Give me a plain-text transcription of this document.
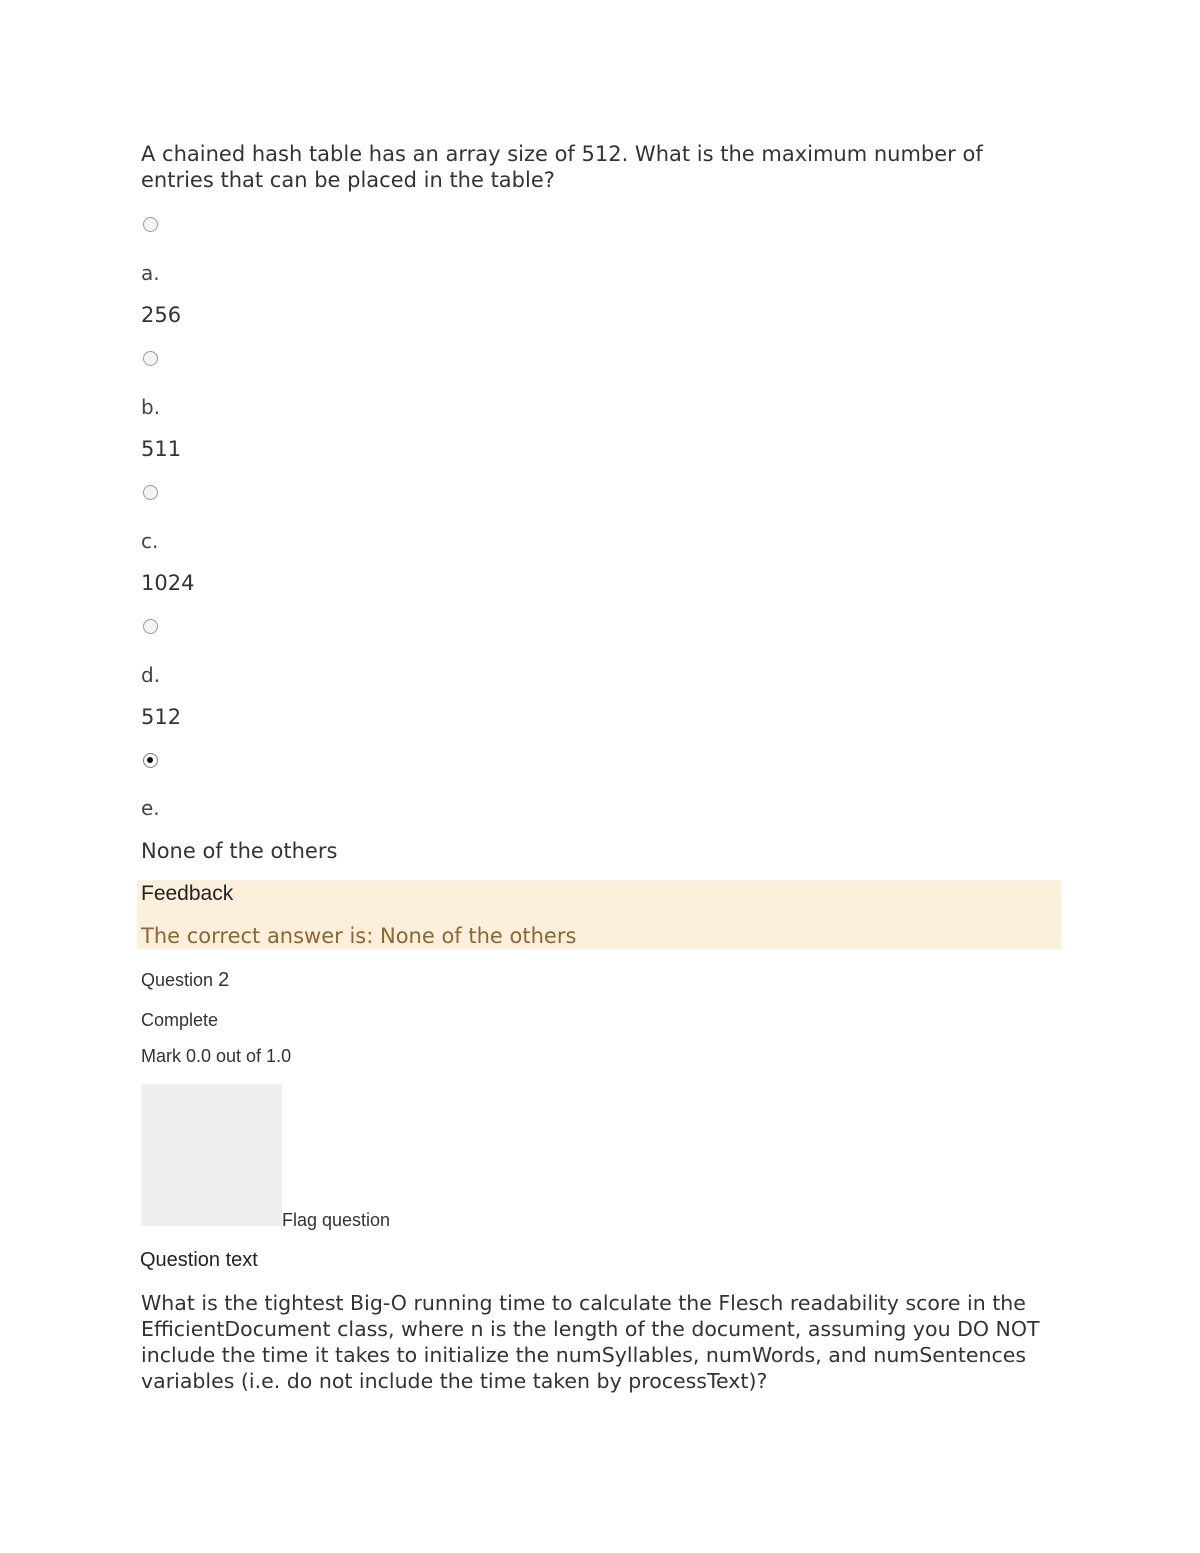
A chained hash table has an array size of 512. What is the maximum number of entries that can be placed in the table?
a.
256
b.
511
c.
1024
d.
512
e.
None of the others
Feedback
The correct answer is: None of the others
Question 2
Complete
Mark 0.0 out of 1.0
Flag question
Question text
What is the tightest Big-O running time to calculate the Flesch readability score in the EfficientDocument class, where n is the length of the document, assuming you DO NOT include the time it takes to initialize the numSyllables, numWords, and numSentences variables (i.e. do not include the time taken by processText)?
